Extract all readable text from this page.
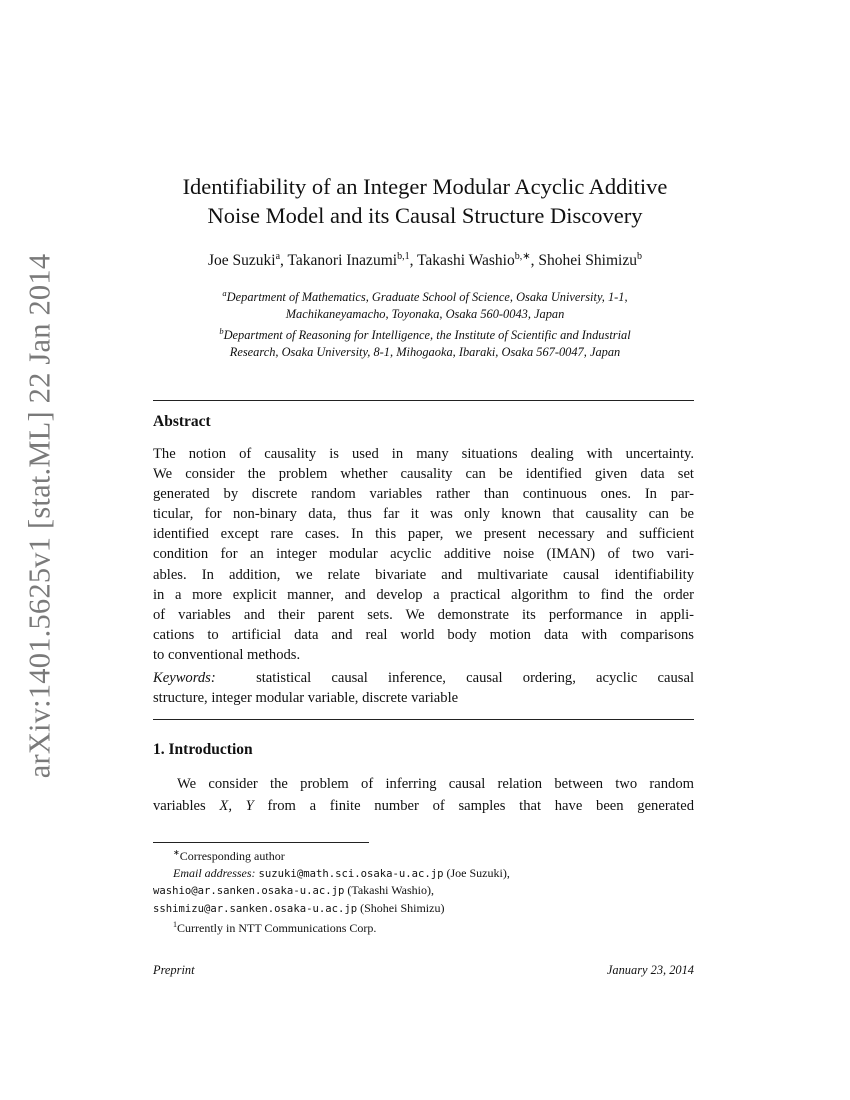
arXiv:1401.5625v1 [stat.ML] 22 Jan 2014
Identifiability of an Integer Modular Acyclic Additive
Noise Model and its Causal Structure Discovery
Joe Suzuki$^a$, Takanori Inazumi$^{b,1}$, Takashi Washio$^{b,∗}$, Shohei Shimizu$^b$
$^a$Department of Mathematics, Graduate School of Science, Osaka University, 1-1,
Machikaneyamacho, Toyonaka, Osaka 560-0043, Japan
$^b$Department of Reasoning for Intelligence, the Institute of Scientific and Industrial
Research, Osaka University, 8-1, Mihogaoka, Ibaraki, Osaka 567-0047, Japan
Abstract
The notion of causality is used in many situations dealing with uncertainty.
We consider the problem whether causality can be identified given data set
generated by discrete random variables rather than continuous ones. In par-
ticular, for non-binary data, thus far it was only known that causality can be
identified except rare cases. In this paper, we present necessary and sufficient
condition for an integer modular acyclic additive noise (IMAN) of two vari-
ables. In addition, we relate bivariate and multivariate causal identifiability
in a more explicit manner, and develop a practical algorithm to find the order
of variables and their parent sets. We demonstrate its performance in appli-
cations to artificial data and real world body motion data with comparisons
to conventional methods.
Keywords:	statistical causal inference, causal ordering, acyclic causal
structure, integer modular variable, discrete variable
1. Introduction
We consider the problem of inferring causal relation between two random
variables X, Y from a finite number of samples that have been generated
∗Corresponding author
Email addresses: suzuki@math.sci.osaka-u.ac.jp (Joe Suzuki),
washio@ar.sanken.osaka-u.ac.jp (Takashi Washio),
sshimizu@ar.sanken.osaka-u.ac.jp (Shohei Shimizu)
$^1$Currently in NTT Communications Corp.
Preprint	January 23, 2014
